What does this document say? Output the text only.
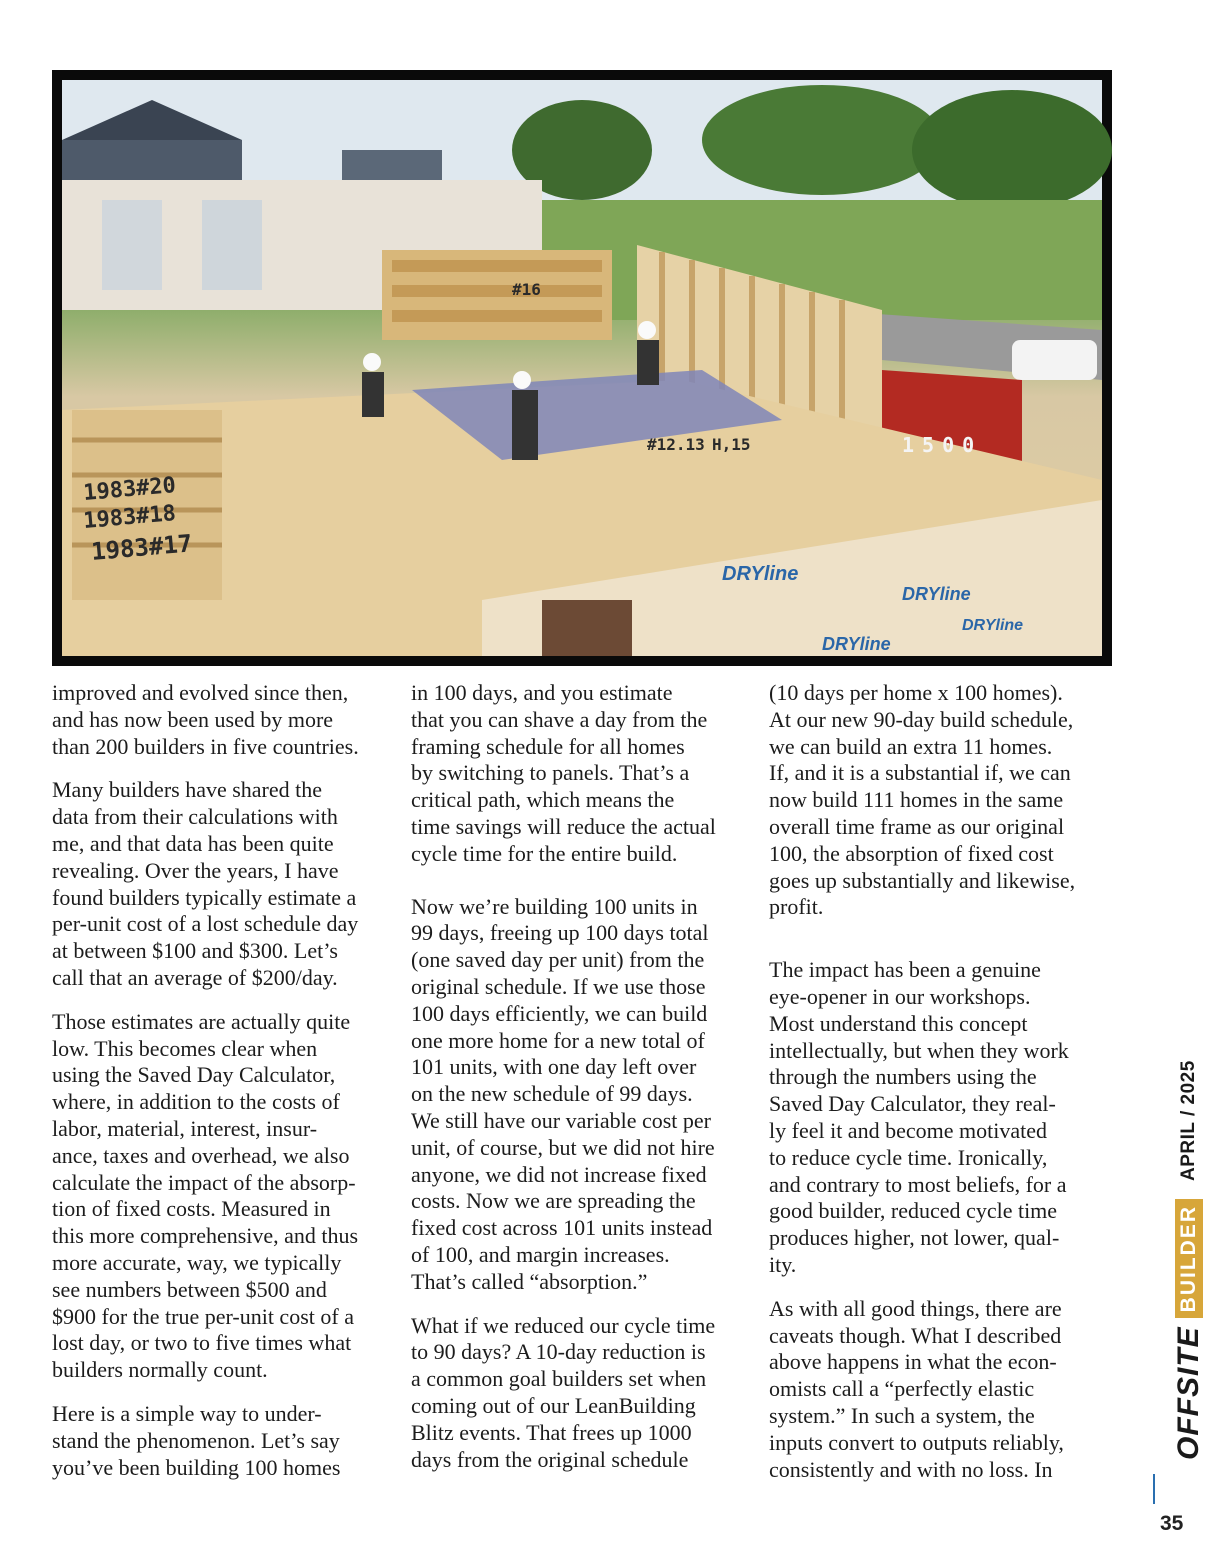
1983#20
1983#18
1983#17
#12.13 H,15
#16
1500
DRYline
DRYline
DRYline
DRYline

improved and evolved since then,
and has now been used by more
than 200 builders in five countries.

Many builders have shared the
data from their calculations with
me, and that data has been quite
revealing. Over the years, I have
found builders typically estimate a
per-unit cost of a lost schedule day
at between $100 and $300. Let’s
call that an average of $200/day.

Those estimates are actually quite
low. This becomes clear when
using the Saved Day Calculator,
where, in addition to the costs of
labor, material, interest, insur-
ance, taxes and overhead, we also
calculate the impact of the absorp-
tion of fixed costs. Measured in
this more comprehensive, and thus
more accurate, way, we typically
see numbers between $500 and
$900 for the true per-unit cost of a
lost day, or two to five times what
builders normally count.

Here is a simple way to under-
stand the phenomenon. Let’s say
you’ve been building 100 homes

in 100 days, and you estimate
that you can shave a day from the
framing schedule for all homes
by switching to panels. That’s a
critical path, which means the
time savings will reduce the actual
cycle time for the entire build.

Now we’re building 100 units in
99 days, freeing up 100 days total
(one saved day per unit) from the
original schedule. If we use those
100 days efficiently, we can build
one more home for a new total of
101 units, with one day left over
on the new schedule of 99 days.
We still have our variable cost per
unit, of course, but we did not hire
anyone, we did not increase fixed
costs. Now we are spreading the
fixed cost across 101 units instead
of 100, and margin increases.
That’s called “absorption.”

What if we reduced our cycle time
to 90 days? A 10-day reduction is
a common goal builders set when
coming out of our LeanBuilding
Blitz events. That frees up 1000
days from the original schedule

(10 days per home x 100 homes).
At our new 90-day build schedule,
we can build an extra 11 homes.
If, and it is a substantial if, we can
now build 111 homes in the same
overall time frame as our original
100, the absorption of fixed cost
goes up substantially and likewise,
profit.

The impact has been a genuine
eye-opener in our workshops.
Most understand this concept
intellectually, but when they work
through the numbers using the
Saved Day Calculator, they real-
ly feel it and become motivated
to reduce cycle time. Ironically,
and contrary to most beliefs, for a
good builder, reduced cycle time
produces higher, not lower, qual-
ity.

As with all good things, there are
caveats though. What I described
above happens in what the econ-
omists call a “perfectly elastic
system.” In such a system, the
inputs convert to outputs reliably,
consistently and with no loss. In

OFFSITE
BUILDER
APRIL / 2025
35
